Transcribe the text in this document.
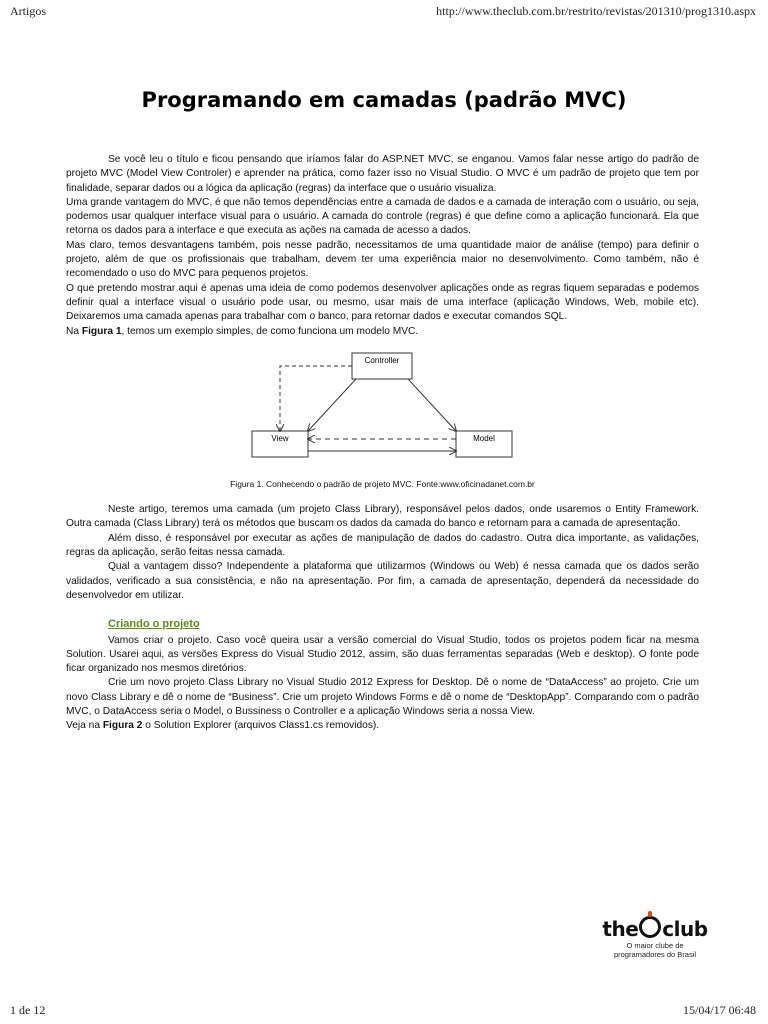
Artigos	http://www.theclub.com.br/restrito/revistas/201310/prog1310.aspx
Programando em camadas (padrão MVC)

Se você leu o título e ficou pensando que iríamos falar do ASP.NET MVC, se enganou. Vamos falar nesse artigo do padrão de projeto MVC (Model View Controler) e aprender na prática, como fazer isso no Visual Studio. O MVC é um padrão de projeto que tem por finalidade, separar dados ou a lógica da aplicação (regras) da interface que o usuário visualiza.

Uma grande vantagem do MVC, é que não temos dependências entre a camada de dados e a camada de interação com o usuário, ou seja, podemos usar qualquer interface visual para o usuário. A camada do controle (regras) é que define como a aplicação funcionará. Ela que retorna os dados para a interface e que executa as ações na camada de acesso a dados.

Mas claro, temos desvantagens também, pois nesse padrão, necessitamos de uma quantidade maior de análise (tempo) para definir o projeto, além de que os profissionais que trabalham, devem ter uma experiência maior no desenvolvimento. Como também, não é recomendado o uso do MVC para pequenos projetos.

O que pretendo mostrar aqui é apenas uma ideia de como podemos desenvolver aplicações onde as regras fiquem separadas e podemos definir qual a interface visual o usuário pode usar, ou mesmo, usar mais de uma interface (aplicação Windows, Web, mobile etc). Deixaremos uma camada apenas para trabalhar com o banco, para retornar dados e executar comandos SQL.

Na Figura 1, temos um exemplo simples, de como funciona um modelo MVC.

Controller
View	Model
Figura 1. Conhecendo o padrão de projeto MVC. Fonte:www.oficinadanet.com.br

Neste artigo, teremos uma camada (um projeto Class Library), responsável pelos dados, onde usaremos o Entity Framework. Outra camada (Class Library) terá os métodos que buscam os dados da camada do banco e retornam para a camada de apresentação.

Além disso, é responsável por executar as ações de manipulação de dados do cadastro. Outra dica importante, as validações, regras da aplicação, serão feitas nessa camada.

Qual a vantagem disso? Independente a plataforma que utilizarmos (Windows ou Web) é nessa camada que os dados serão validados, verificado a sua consistência, e não na apresentação. Por fim, a camada de apresentação, dependerá da necessidade do desenvolvedor em utilizar.

Criando o projeto

Vamos criar o projeto. Caso você queira usar a versão comercial do Visual Studio, todos os projetos podem ficar na mesma Solution. Usarei aqui, as versões Express do Visual Studio 2012, assim, são duas ferramentas separadas (Web e desktop). O fonte pode ficar organizado nos mesmos diretórios.

Crie um novo projeto Class Library no Visual Studio 2012 Express for Desktop. Dê o nome de “DataAccess” ao projeto. Crie um novo Class Library e dê o nome de “Business”. Crie um projeto Windows Forms e dê o nome de “DesktopApp”. Comparando com o padrão MVC, o DataAccess seria o Model, o Bussiness o Controller e a aplicação Windows seria a nossa View.

Veja na Figura 2 o Solution Explorer (arquivos Class1.cs removidos).

the club
O maior clube de
programadores do Brasil
1 de 12	15/04/17 06:48
